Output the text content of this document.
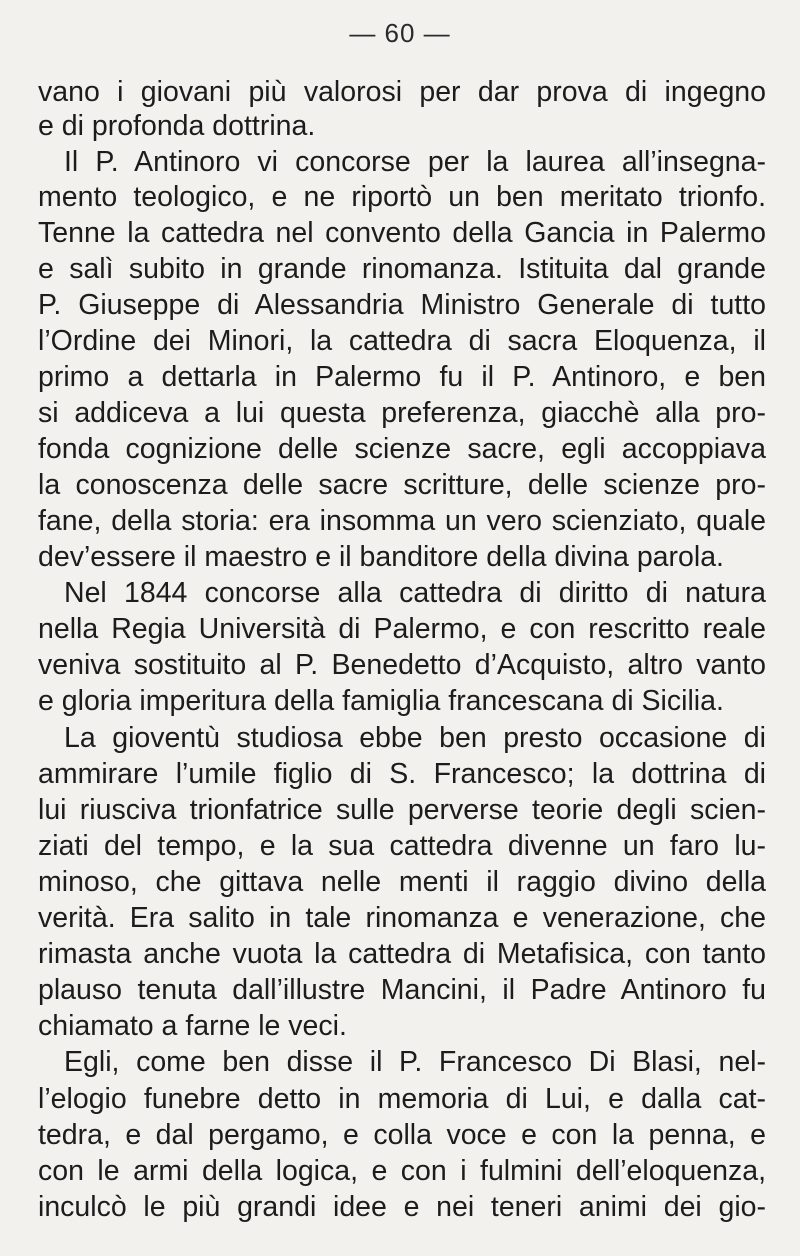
— 60 —
vano i giovani più valorosi per dar prova di ingegno
e di profonda dottrina.
Il P. Antinoro vi concorse per la laurea all’insegna-
mento teologico, e ne riportò un ben meritato trionfo.
Tenne la cattedra nel convento della Gancia in Palermo
e salì subito in grande rinomanza. Istituita dal grande
P. Giuseppe di Alessandria Ministro Generale di tutto
l’Ordine dei Minori, la cattedra di sacra Eloquenza, il
primo a dettarla in Palermo fu il P. Antinoro, e ben
si addiceva a lui questa preferenza, giacchè alla pro-
fonda cognizione delle scienze sacre, egli accoppiava
la conoscenza delle sacre scritture, delle scienze pro-
fane, della storia: era insomma un vero scienziato, quale
dev’essere il maestro e il banditore della divina parola.
Nel 1844 concorse alla cattedra di diritto di natura
nella Regia Università di Palermo, e con rescritto reale
veniva sostituito al P. Benedetto d’Acquisto, altro vanto
e gloria imperitura della famiglia francescana di Sicilia.
La gioventù studiosa ebbe ben presto occasione di
ammirare l’umile figlio di S. Francesco; la dottrina di
lui riusciva trionfatrice sulle perverse teorie degli scien-
ziati del tempo, e la sua cattedra divenne un faro lu-
minoso, che gittava nelle menti il raggio divino della
verità. Era salito in tale rinomanza e venerazione, che
rimasta anche vuota la cattedra di Metafisica, con tanto
plauso tenuta dall’illustre Mancini, il Padre Antinoro fu
chiamato a farne le veci.
Egli, come ben disse il P. Francesco Di Blasi, nel-
l’elogio funebre detto in memoria di Lui, e dalla cat-
tedra, e dal pergamo, e colla voce e con la penna, e
con le armi della logica, e con i fulmini dell’eloquenza,
inculcò le più grandi idee e nei teneri animi dei gio-
